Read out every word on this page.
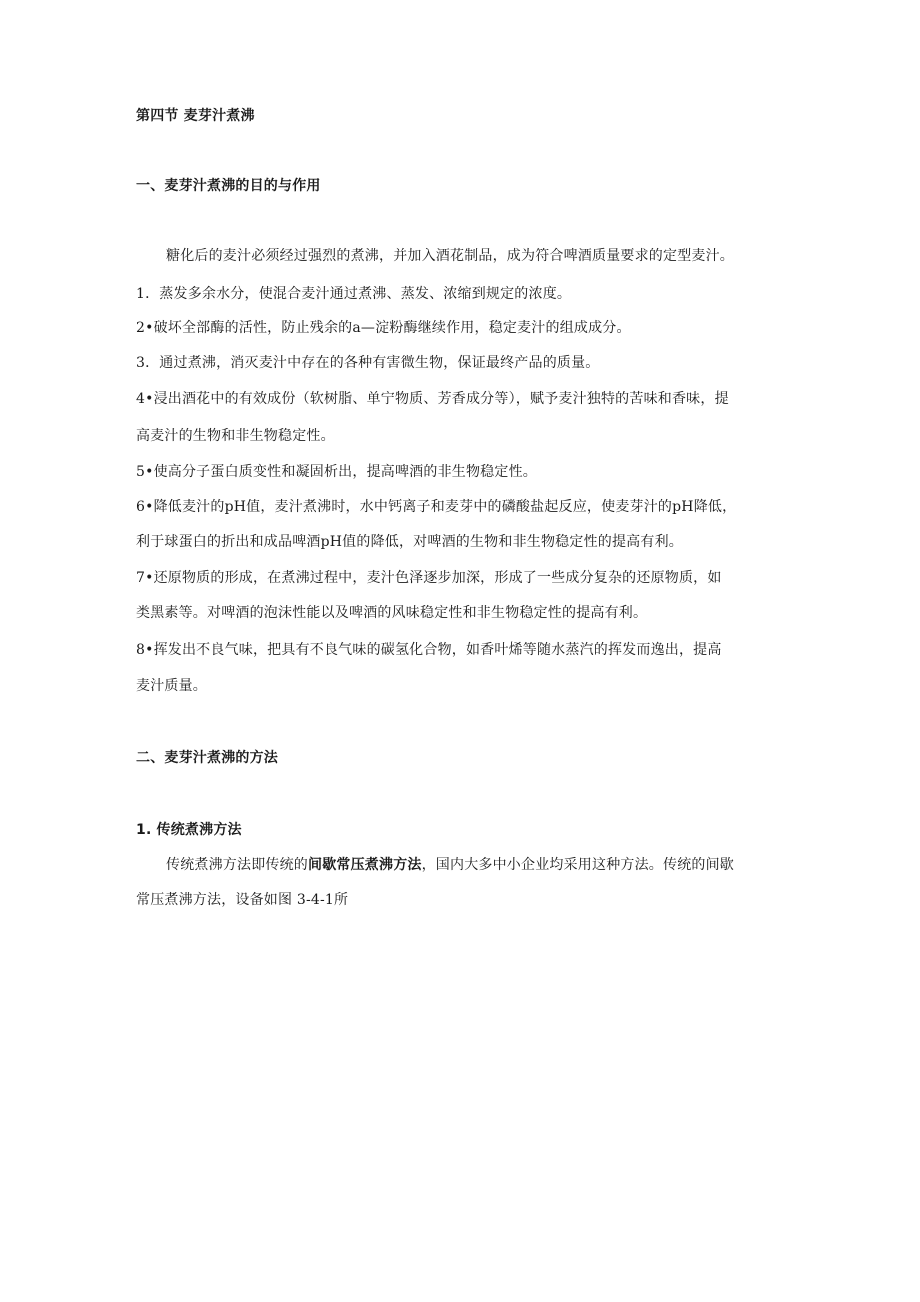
第四节 麦芽汁煮沸
一、麦芽汁煮沸的目的与作用
糖化后的麦汁必须经过强烈的煮沸，并加入酒花制品，成为符合啤酒质量要求的定型麦汁。
1．蒸发多余水分，使混合麦汁通过煮沸、蒸发、浓缩到规定的浓度。
2•破坏全部酶的活性，防止残余的a—淀粉酶继续作用，稳定麦汁的组成成分。
3．通过煮沸，消灭麦汁中存在的各种有害微生物，保证最终产品的质量。
4•浸出酒花中的有效成份（软树脂、单宁物质、芳香成分等），赋予麦汁独特的苦味和香味，提
高麦汁的生物和非生物稳定性。
5•使高分子蛋白质变性和凝固析出，提高啤酒的非生物稳定性。
6•降低麦汁的pH值，麦汁煮沸时，水中钙离子和麦芽中的磷酸盐起反应，使麦芽汁的pH降低，
利于球蛋白的折出和成品啤酒pH值的降低，对啤酒的生物和非生物稳定性的提高有利。
7•还原物质的形成，在煮沸过程中，麦汁色泽逐步加深，形成了一些成分复杂的还原物质，如
类黑素等。对啤酒的泡沫性能以及啤酒的风味稳定性和非生物稳定性的提高有利。
8•挥发出不良气味，把具有不良气味的碳氢化合物，如香叶烯等随水蒸汽的挥发而逸出，提高
麦汁质量。
二、麦芽汁煮沸的方法
1. 传统煮沸方法
传统煮沸方法即传统的间歇常压煮沸方法，国内大多中小企业均采用这种方法。传统的间歇
常压煮沸方法，设备如图 3-4-1所
